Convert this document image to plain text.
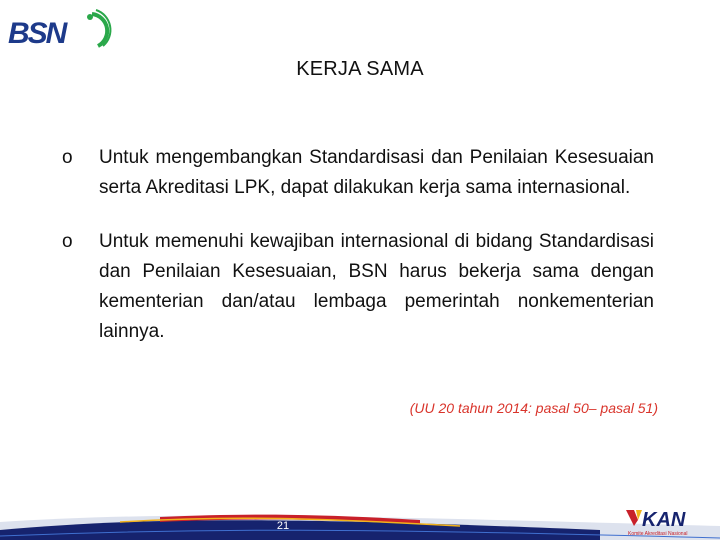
BSN
KERJA SAMA
o	Untuk mengembangkan Standardisasi dan Penilaian Kesesuaian serta Akreditasi LPK, dapat dilakukan kerja sama internasional.
o	Untuk memenuhi kewajiban internasional di bidang Standardisasi dan Penilaian Kesesuaian, BSN harus bekerja sama dengan kementerian dan/atau lembaga pemerintah nonkementerian lainnya.
(UU 20 tahun 2014: pasal 50– pasal 51)
21	KAN
Komite Akreditasi Nasional
